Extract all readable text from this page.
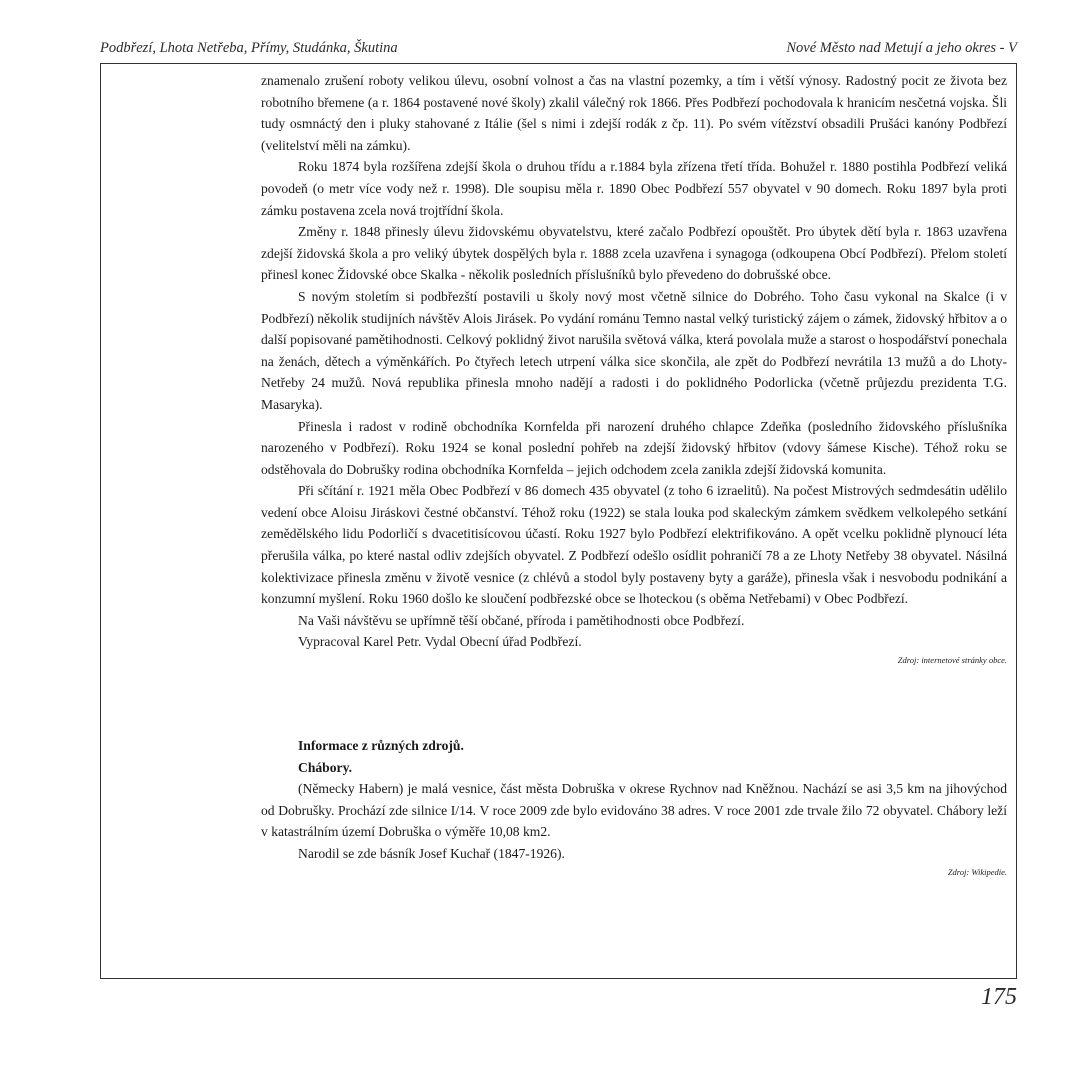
Podbřezí, Lhota Netřeba, Přímy, Studánka, Škutina	Nové Město nad Metují a jeho okres - V

znamenalo zrušení roboty velikou úlevu, osobní volnost a čas na vlastní pozemky, a tím i větší výnosy. Radostný pocit ze života bez robotního břemene (a r. 1864 postavené nové školy) zkalil válečný rok 1866. Přes Podbřezí pochodovala k hranicím nesčetná vojska. Šli tudy osmnáctý den i pluky stahované z Itálie (šel s nimi i zdejší rodák z čp. 11). Po svém vítězství obsadili Prušáci kanóny Podbřezí (velitelství měli na zámku).

Roku 1874 byla rozšířena zdejší škola o druhou třídu a r.1884 byla zřízena třetí třída. Bohužel r. 1880 postihla Podbřezí veliká povodeň (o metr více vody než r. 1998). Dle soupisu měla r. 1890 Obec Podbřezí 557 obyvatel v 90 domech. Roku 1897 byla proti zámku postavena zcela nová trojtřídní škola.

Změny r. 1848 přinesly úlevu židovskému obyvatelstvu, které začalo Podbřezí opouštět. Pro úbytek dětí byla r. 1863 uzavřena zdejší židovská škola a pro veliký úbytek dospělých byla r. 1888 zcela uzavřena i synagoga (odkoupena Obcí Podbřezí). Přelom století přinesl konec Židovské obce Skalka - několik posledních příslušníků bylo převedeno do dobrušské obce.

S novým stoletím si podbřezští postavili u školy nový most včetně silnice do Dobrého. Toho času vykonal na Skalce (i v Podbřezí) několik studijních návštěv Alois Jirásek. Po vydání románu Temno nastal velký turistický zájem o zámek, židovský hřbitov a o další popisované pamětihodnosti. Celkový poklidný život narušila světová válka, která povolala muže a starost o hospodářství ponechala na ženách, dětech a výměnkářích. Po čtyřech letech utrpení válka sice skončila, ale zpět do Podbřezí nevrátila 13 mužů a do Lhoty-Netřeby 24 mužů. Nová republika přinesla mnoho nadějí a radosti i do poklidného Podorlicka (včetně průjezdu prezidenta T.G. Masaryka).

Přinesla i radost v rodině obchodníka Kornfelda při narození druhého chlapce Zdeňka (posledního židovského příslušníka narozeného v Podbřezí). Roku 1924 se konal poslední pohřeb na zdejší židovský hřbitov (vdovy šámese Kische). Téhož roku se odstěhovala do Dobrušky rodina obchodníka Kornfelda – jejich odchodem zcela zanikla zdejší židovská komunita.

Při sčítání r. 1921 měla Obec Podbřezí v 86 domech 435 obyvatel (z toho 6 izraelitů). Na počest Mistrových sedmdesátin udělilo vedení obce Aloisu Jiráskovi čestné občanství. Téhož roku (1922) se stala louka pod skaleckým zámkem svědkem velkolepého setkání zemědělského lidu Podorličí s dvacetitisícovou účastí. Roku 1927 bylo Podbřezí elektrifikováno. A opět vcelku poklidně plynoucí léta přerušila válka, po které nastal odliv zdejších obyvatel. Z Podbřezí odešlo osídlit pohraničí 78 a ze Lhoty Netřeby 38 obyvatel. Násilná kolektivizace přinesla změnu v životě vesnice (z chlévů a stodol byly postaveny byty a garáže), přinesla však i nesvobodu podnikání a konzumní myšlení. Roku 1960 došlo ke sloučení podbřezské obce se lhoteckou (s oběma Netřebami) v Obec Podbřezí.

Na Vaši návštěvu se upřímně těší občané, příroda i pamětihodnosti obce Podbřezí.

Vypracoval Karel Petr. Vydal Obecní úřad Podbřezí.

Zdroj: internetové stránky obce.

Informace z různých zdrojů.

Chábory.

(Německy Habern) je malá vesnice, část města Dobruška v okrese Rychnov nad Kněžnou. Nachází se asi 3,5 km na jihovýchod od Dobrušky. Prochází zde silnice I/14. V roce 2009 zde bylo evidováno 38 adres. V roce 2001 zde trvale žilo 72 obyvatel. Chábory leží v katastrálním území Dobruška o výměře 10,08 km2.

Narodil se zde básník Josef Kuchař (1847-1926).

Zdroj: Wikipedie.

175
